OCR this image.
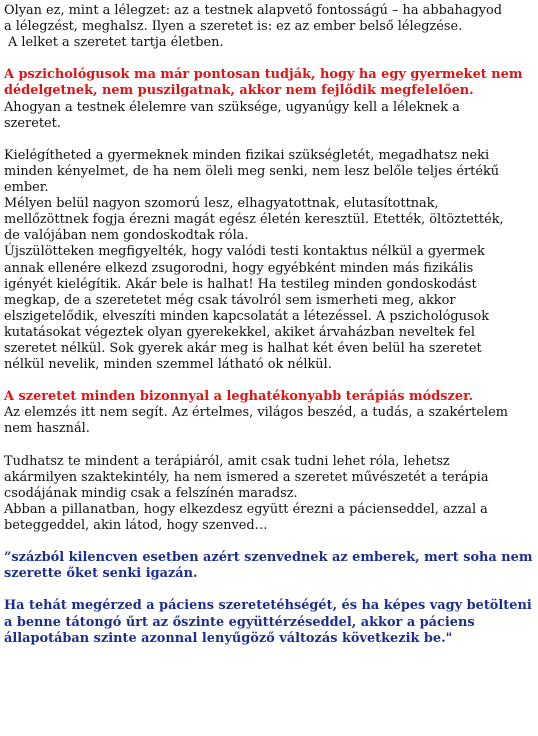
Olyan ez, mint a lélegzet: az a testnek alapvető fontosságú – ha abbahagyod
a lélegzést, meghalsz. Ilyen a szeretet is: ez az ember belső lélegzése.
A lelket a szeretet tartja életben.
A pszichológusok ma már pontosan tudják, hogy ha egy gyermeket nem
dédelgetnek, nem puszilgatnak, akkor nem fejlődik megfelelően.
Ahogyan a testnek élelemre van szüksége, ugyanúgy kell a léleknek a
szeretet.
Kielégítheted a gyermeknek minden fizikai szükségletét, megadhatsz neki
minden kényelmet, de ha nem öleli meg senki, nem lesz belőle teljes értékű
ember.
Mélyen belül nagyon szomorú lesz, elhagyatottnak, elutasítottnak,
mellőzöttnek fogja érezni magát egész életén keresztül. Etették, öltöztették,
de valójában nem gondoskodtak róla.
Újszülötteken megfigyelték, hogy valódi testi kontaktus nélkül a gyermek
annak ellenére elkezd zsugorodni, hogy egyébként minden más fizikális
igényét kielégítik. Akár bele is halhat! Ha testileg minden gondoskodást
megkap, de a szeretetet még csak távolról sem ismerheti meg, akkor
elszigetelődik, elveszíti minden kapcsolatát a létezéssel. A pszichológusok
kutatásokat végeztek olyan gyerekekkel, akiket árvaházban neveltek fel
szeretet nélkül. Sok gyerek akár meg is halhat két éven belül ha szeretet
nélkül nevelik, minden szemmel látható ok nélkül.
A szeretet minden bizonnyal a leghatékonyabb terápiás módszer.
Az elemzés itt nem segít. Az értelmes, világos beszéd, a tudás, a szakértelem
nem használ.
Tudhatsz te mindent a terápiáról, amit csak tudni lehet róla, lehetsz
akármilyen szaktekintély, ha nem ismered a szeretet művészetét a terápia
csodájának mindig csak a felszínén maradsz.
Abban a pillanatban, hogy elkezdesz együtt érezni a pácienseddel, azzal a
beteggeddel, akin látod, hogy szenved…
”százból kilencven esetben azért szenvednek az emberek, mert soha nem
szerette őket senki igazán.
Ha tehát megérzed a páciens szeretetéhségét, és ha képes vagy betölteni
a benne tátongó űrt az őszinte együttérzéseddel, akkor a páciens
állapotában szinte azonnal lenyűgöző változás következik be."
